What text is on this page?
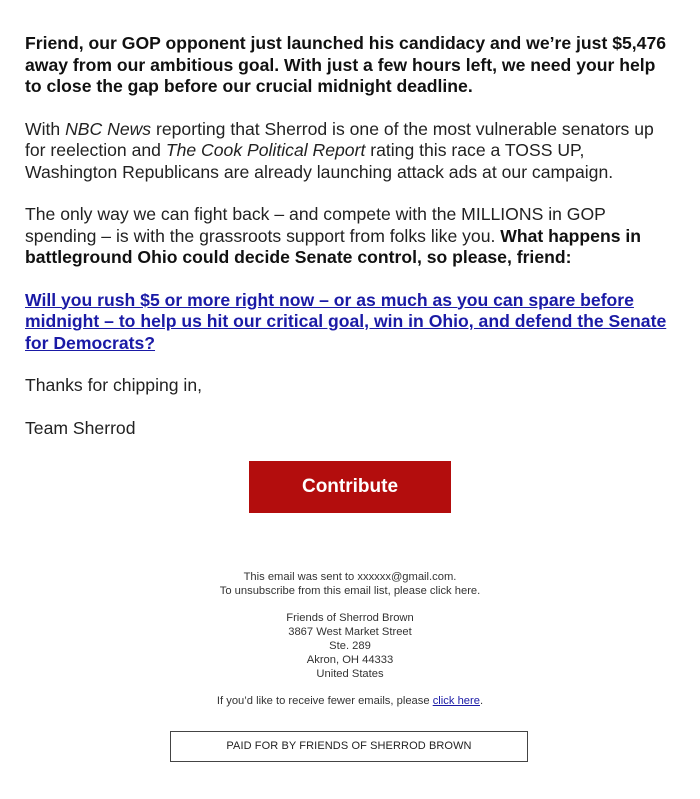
Friend, our GOP opponent just launched his candidacy and we’re just $5,476 away from our ambitious goal. With just a few hours left, we need your help to close the gap before our crucial midnight deadline.

With NBC News reporting that Sherrod is one of the most vulnerable senators up for reelection and The Cook Political Report rating this race a TOSS UP, Washington Republicans are already launching attack ads at our campaign.

The only way we can fight back – and compete with the MILLIONS in GOP spending – is with the grassroots support from folks like you. What happens in battleground Ohio could decide Senate control, so please, friend:

Will you rush $5 or more right now – or as much as you can spare before midnight – to help us hit our critical goal, win in Ohio, and defend the Senate for Democrats?

Thanks for chipping in,

Team Sherrod

Contribute
This email was sent to xxxxxx@gmail.com.
To unsubscribe from this email list, please click here.
Friends of Sherrod Brown
3867 West Market Street
Ste. 289
Akron, OH 44333
United States
If you’d like to receive fewer emails, please click here.
PAID FOR BY FRIENDS OF SHERROD BROWN
